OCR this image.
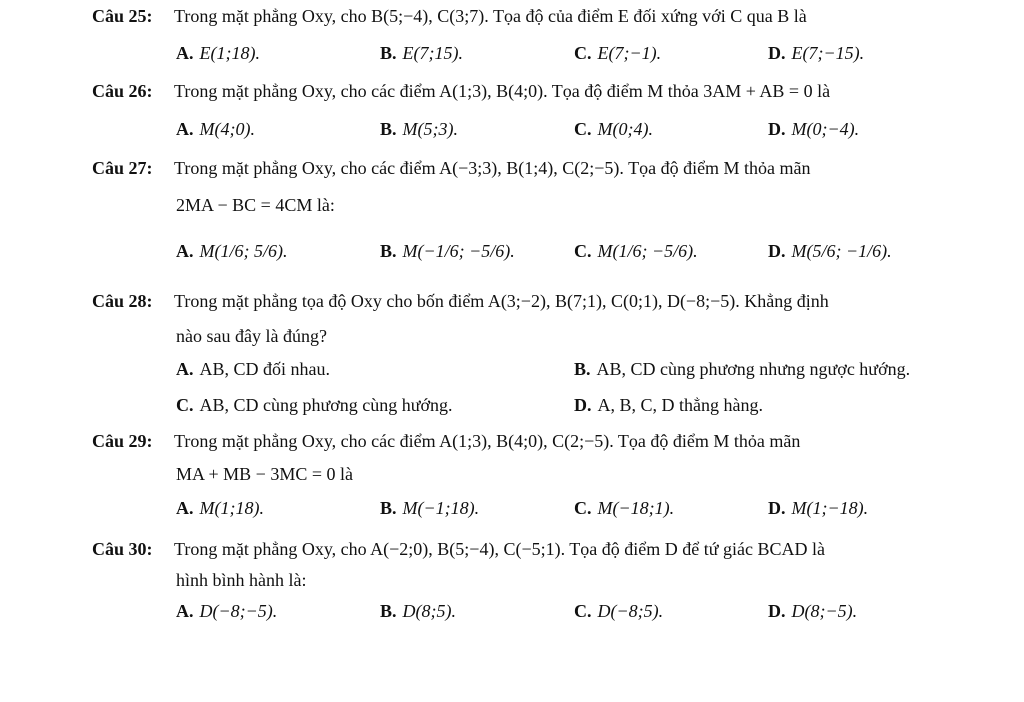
Câu 25: Trong mặt phẳng Oxy, cho B(5;−4), C(3;7). Tọa độ của điểm E đối xứng với C qua B là
A. E(1;18).	B. E(7;15).	C. E(7;−1).	D. E(7;−15).
Câu 26: Trong mặt phẳng Oxy, cho các điểm A(1;3), B(4;0). Tọa độ điểm M thỏa 3AM + AB = 0 là
A. M(4;0).	B. M(5;3).	C. M(0;4).	D. M(0;−4).
Câu 27: Trong mặt phẳng Oxy, cho các điểm A(−3;3), B(1;4), C(2;−5). Tọa độ điểm M thỏa mãn
2MA − BC = 4CM là:
A. M(1/6; 5/6).	B. M(−1/6; −5/6).	C. M(1/6; −5/6).	D. M(5/6; −1/6).
Câu 28: Trong mặt phẳng tọa độ Oxy cho bốn điểm A(3;−2), B(7;1), C(0;1), D(−8;−5). Khẳng định
nào sau đây là đúng?
A. AB, CD đối nhau.	B. AB, CD cùng phương nhưng ngược hướng.
C. AB, CD cùng phương cùng hướng.	D. A, B, C, D thẳng hàng.
Câu 29: Trong mặt phẳng Oxy, cho các điểm A(1;3), B(4;0), C(2;−5). Tọa độ điểm M thỏa mãn
MA + MB − 3MC = 0 là
A. M(1;18).	B. M(−1;18).	C. M(−18;1).	D. M(1;−18).
Câu 30: Trong mặt phẳng Oxy, cho A(−2;0), B(5;−4), C(−5;1). Tọa độ điểm D để tứ giác BCAD là
hình bình hành là:
A. D(−8;−5).	B. D(8;5).	C. D(−8;5).	D. D(8;−5).
